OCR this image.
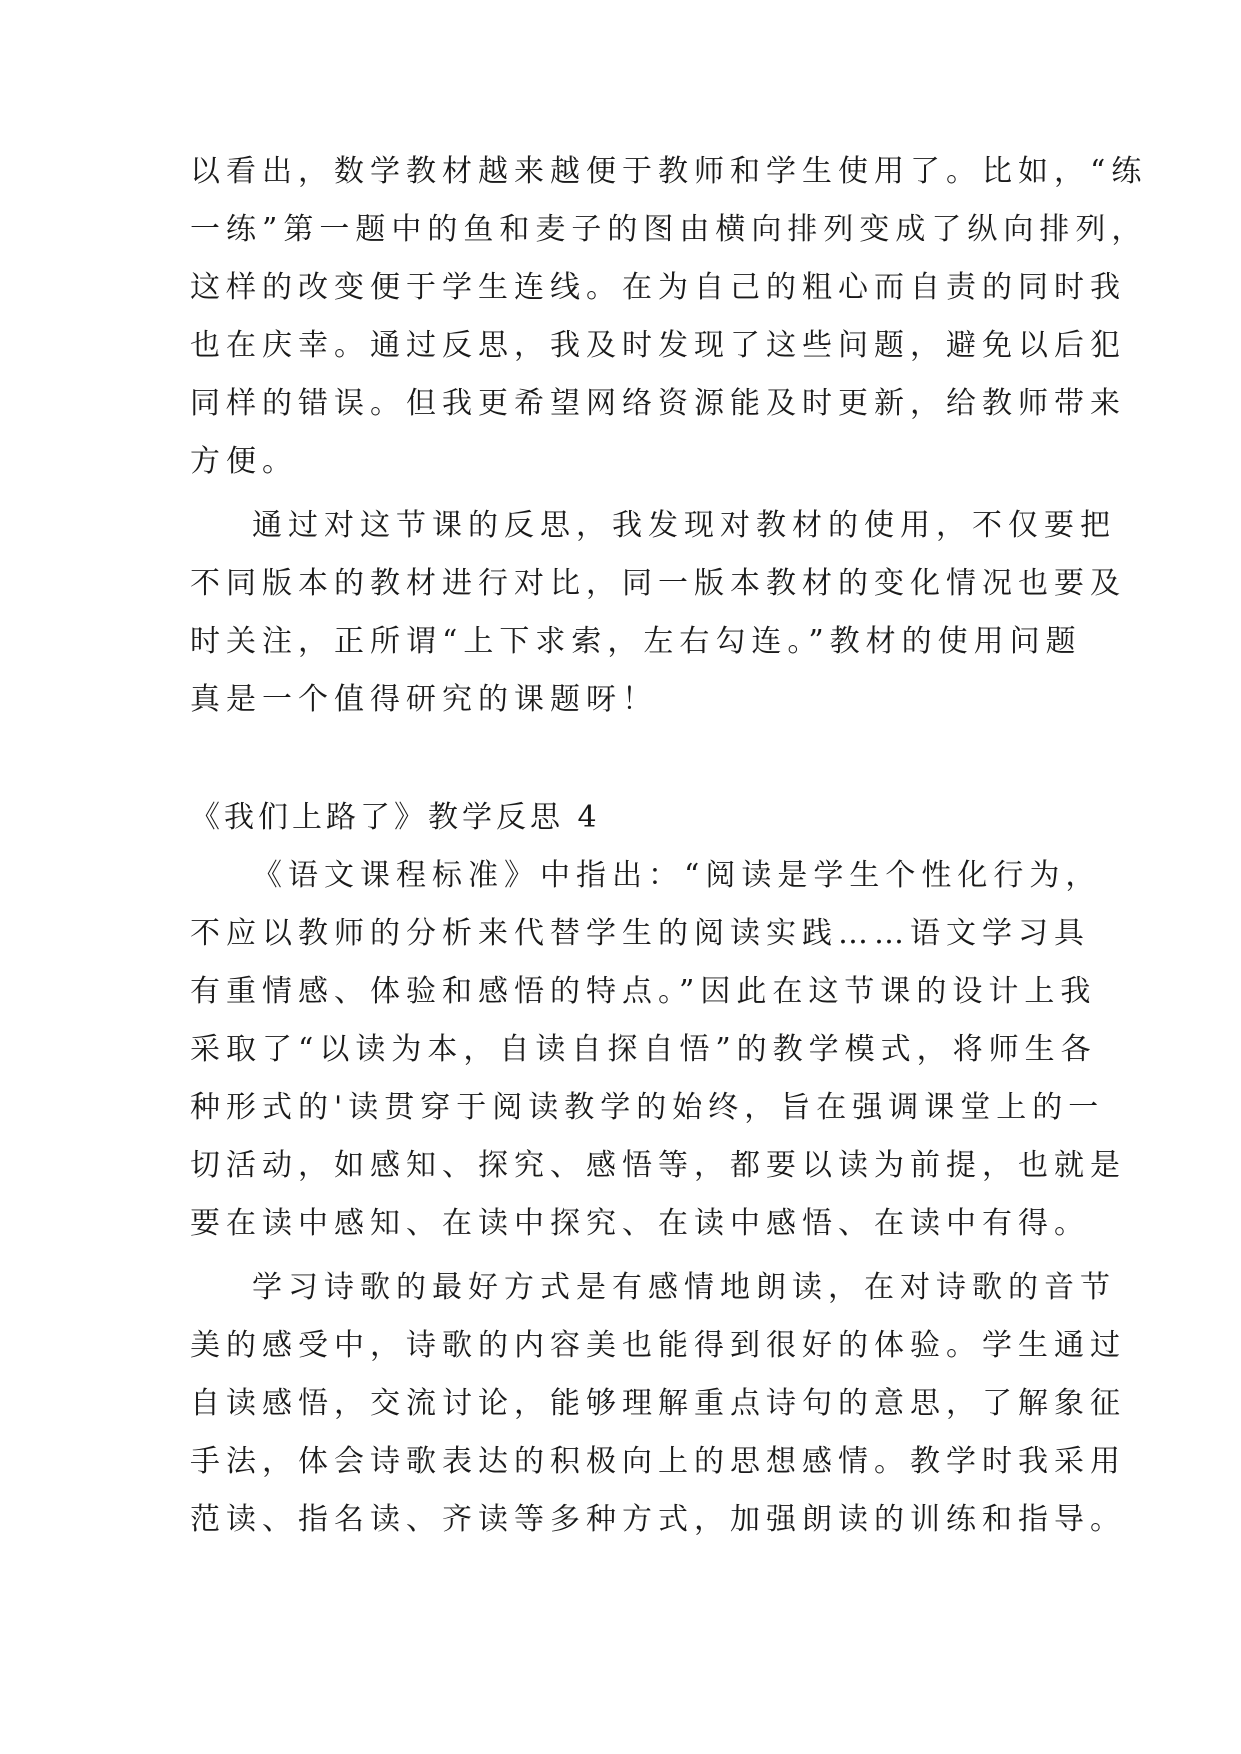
以看出，数学教材越来越便于教师和学生使用了。比如，“练
一练”第一题中的鱼和麦子的图由横向排列变成了纵向排列，
这样的改变便于学生连线。在为自己的粗心而自责的同时我
也在庆幸。通过反思，我及时发现了这些问题，避免以后犯
同样的错误。但我更希望网络资源能及时更新，给教师带来
方便。
通过对这节课的反思，我发现对教材的使用，不仅要把
不同版本的教材进行对比，同一版本教材的变化情况也要及
时关注，正所谓“上下求索，左右勾连。”教材的使用问题
真是一个值得研究的课题呀！
《我们上路了》教学反思 4
《语文课程标准》中指出：“阅读是学生个性化行为，
不应以教师的分析来代替学生的阅读实践……语文学习具
有重情感、体验和感悟的特点。”因此在这节课的设计上我
采取了“以读为本，自读自探自悟”的教学模式，将师生各
种形式的'读贯穿于阅读教学的始终，旨在强调课堂上的一
切活动，如感知、探究、感悟等，都要以读为前提，也就是
要在读中感知、在读中探究、在读中感悟、在读中有得。
学习诗歌的最好方式是有感情地朗读，在对诗歌的音节
美的感受中，诗歌的内容美也能得到很好的体验。学生通过
自读感悟，交流讨论，能够理解重点诗句的意思，了解象征
手法，体会诗歌表达的积极向上的思想感情。教学时我采用
范读、指名读、齐读等多种方式，加强朗读的训练和指导。
